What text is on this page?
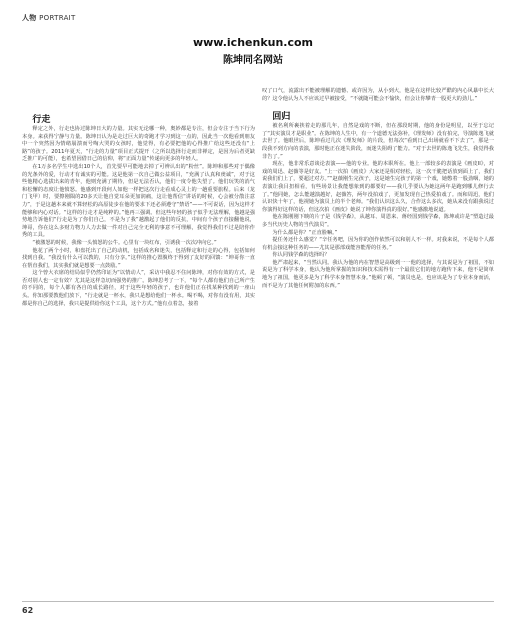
人物 PORTRAIT
www.ichenkun.com
陈坤同名网站

行走

释定之外，行走也协过陈坤日大的力量。其实无论哪一种，奥妙都是专注，但会专注于当下行为本身。来获得宁静与力量。陈坤日认为是走过巨大的奇跑才学习到这一点的，因此当一次他看到朋友中一个突然因为情绪崩溃而号啕大哭的女孩时，他觉得，有必要把他的心得推广给这些还没有“上路”的孩子。2011年夏天，“行走的力量”项目正式提开（之所以选择行走而非禅定，是因为后者更缺乏推广的可能），也希望因借日己的信仰，将“正面力量”传递向更多的年轻人。

在1万多名学生中选出10个人，首先要早可能地去掉了可辨认出的“粉丝”。陈坤和那些对于偶像的光条外的爱，行动才有诚实的可能。这是他第一次自己做公益项目，“充满了认真和虔诚”，对于这些他精心选拔出来的青年，他则充满了期待，但是无法否认，他们一度令他失望了。他们玩笑的消气和松懈的态度让他愤怒。他感到开段何人如他一样把这次行走看成心灵上的一趟重要旅程。后来（龙门飞甲）时，要擦刚陨的20多天让他自觉耳朵更加润痛，这让他帮信“讲话的时候，心会被分散注意力”，于是这趟本来就不算轻松的高原徒步在他的要求下还必须遵守“禁语”——不可说话，因为这样才能够和内心对话。“这样的行走才是纯粹的。”他再三强调。但这些年轻的孩子似乎无法理解，他越是强势地告诉他们“行走是为了你们自己，不是为了我”越激起了他们的反抗，中间有个孩子直接翻他说，坤哥，你在这么多财力物力人力去做一件对自己完全无利的事意不可理解，我觉得我们不过是陪你作秀的工具。

“被激怒的时候，我像一头愤怒的公牛。心里有一块红布，引诱我一次次冲向它。”

他花了两个小时，和盘托出了自己的动机，包括成名和迷失，包括释定和行走的心得，包括如何找到自我。“我没有什么可以教的，只有分享。”这样的推心置腹终于得到了友好的回馈：“坤哥你一直在帮直我们，其实我们就是想要一点鼓励。”

这个曾大衣席的结局似乎仍然印证为“以情动人”，采访中我忍不住问陈坤，对你有效的方式，是否对别人也一定有效？尤其是这样急切而强势的推广。陈坤思考了一下，“每个人都有他们自己所产生的不同的，每个人都有各自的成长路径，对于这些年轻的孩子，也许他们正在找某种找到的一座山头。你知那要教他们放下，“行走就是一杯水，我只是想给他们一杯水。喝不喝，对你有没有用，其实都是你自己的选择，我只是提供给你这个工具，这个方式。”他有点着急，接着

叹了口气，流露出不能被理解的遗憾、或许因为，从小到大，他是在这样比较严酷的内心风暴中长大的？这令他认为人不应该过早被接受，“不就随可能会不愉快，但会让你攀青一股更大的劲儿。”

回归

被名利所裹挟着走的那几年，自然是戏的不断，但在那段时期，他的身份是明星，以至于忘记了“其实演员才是职业”。在陈坤的人生中，有一个道德无法弥补，《理发师》没有拍完，导演陈逸飞就去世了。他眼世后，陈坤看过几次《理发师》的片段，但每次“看到日己出场就看不下去了”，那是一段我不到方向的表演，那时他正在迷失阶段，而迷失阻碍了能力。“对于去世的陈逸飞先生，我觉得我非告了。”

现在，他非常乐意谈论表演——他的专业。他的本职所在。他上一部较多的表演是《画皮II》，对戏的周迅、赵薇等是好友。“上一次拍《画皮》大家还是相对轻松，这一次干脆把话放到面上了，我们说我们们上了，要超过对方。”“赵薇刚生完孩子，这是她生完孩子的第一个戏，她憋着一股劲咽，她的表演让我目扭相看，有些场景让我能想象到的都要好——我几乎要认为她这两年是跑到哪儿修行去了。”他同她，怎么能越演越好，赵薇答，两年没拍戏了，更加发现自己热爱拍戏了。而和周迅，他们认识快十年了，他视她为演员上的半个老师。“我们认识这么久，合作这么多次，她从来没有跟我说过你演得好这样的话，但这次拍《画皮》她说了坤你演得真的很好。”他感激地说道。

他在陈刚刚下映的片子是《钱学森》，从越耳、周恩来、蒋经国到钱学森，陈坤或许是“塑造过最多当代历史人物的当代演员”。

为什么都是你？“正直脸嘛。”

提任务还什么感觉？“辛任务吧，因为你的创作依然可以和别人不一样。对我来说，不是每个人都有机会接这种任务的——尤其是那部戏能容能帮的任务。”

你认同钱学森的选择吗？

他严肃起来，“当然认同。我认为他的内在智慧是高级到一一他的选择，与其说是为了祖国，不如说是为了科学本身，他认为他所掌握的知识和技术需得有一个最很它们的地方跑传下来，他不是简单地为了祖国，他更多是为了科学本身智慧本身。”他顿了顿，“演员也是，也应该是为了专业本身而活，而不是为了其他任何附加的东西。”

62
